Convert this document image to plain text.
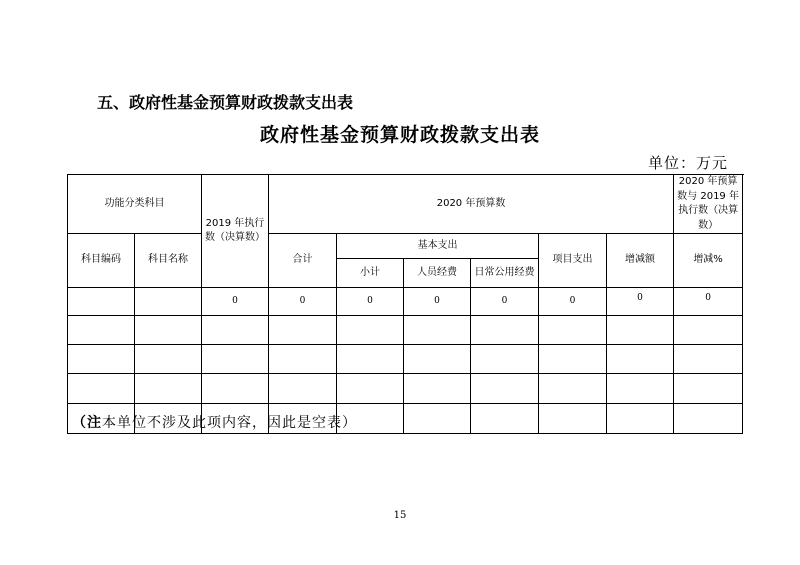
五、政府性基金预算财政拨款支出表
政府性基金预算财政拨款支出表
单位：万元
功能分类科目		2019 年执行数（决算数）	2020 年预算数						2020 年预算数与 2019 年执行数（决算数）
科目编码	科目名称		合计	基本支出			项目支出	增减额	增减%
				小计	人员经费	日常公用经费			
		0	0	0	0	0	0	0	0

（注本单位不涉及此项内容，因此是空表）
15
